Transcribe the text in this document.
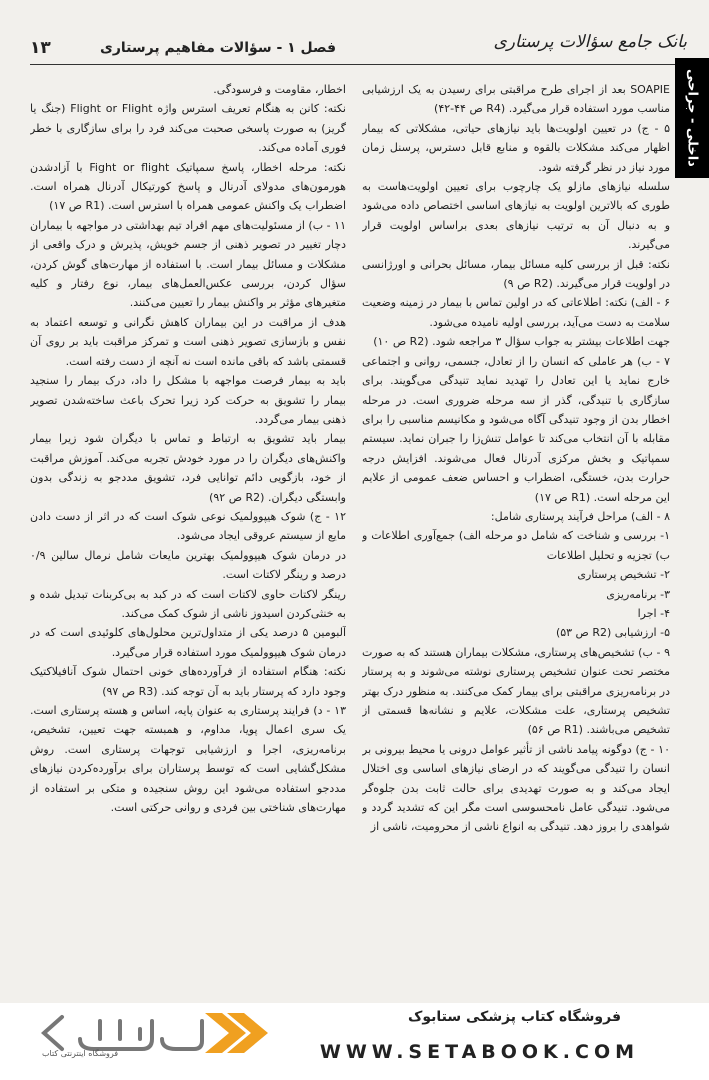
بانک جامع سؤالات پرستاری
فصل ۱ - سؤالات مفاهیم پرستاری
۱۳
داخلی - جراحی

SOAPIE بعد از اجرای طرح مراقبتی برای رسیدن به یک ارزشیابی مناسب مورد استفاده قرار می‌گیرد. (R4 ص ۴۴-۴۲)

۵ - ج) در تعیین اولویت‌ها باید نیازهای حیاتی، مشکلاتی که بیمار اظهار می‌کند مشکلات بالقوه و منابع قابل دسترس، پرسنل زمان مورد نیاز در نظر گرفته شود.

سلسله نیازهای مازلو یک چارچوب برای تعیین اولویت‌هاست به طوری که بالاترین اولویت به نیازهای اساسی اختصاص داده می‌شود و به دنبال آن به ترتیب نیازهای بعدی براساس اولویت قرار می‌گیرند.

نکته: قبل از بررسی کلیه مسائل بیمار، مسائل بحرانی و اورژانسی در اولویت قرار می‌گیرند. (R2 ص ۹)

۶ - الف) نکته: اطلاعاتی که در اولین تماس با بیمار در زمینه وضعیت سلامت به دست می‌آید، بررسی اولیه نامیده می‌شود.

جهت اطلاعات بیشتر به جواب سؤال ۳ مراجعه شود. (R2 ص ۱۰)

۷ - ب) هر عاملی که انسان را از تعادل، جسمی، روانی و اجتماعی خارج نماید یا این تعادل را تهدید نماید تنیدگی می‌گویند. برای سازگاری با تنیدگی، گذر از سه مرحله ضروری است. در مرحله اخطار بدن از وجود تنیدگی آگاه می‌شود و مکانیسم مناسبی را برای مقابله با آن انتخاب می‌کند تا عوامل تنش‌زا را جبران نماید. سیستم سمپاتیک و بخش مرکزی آدرنال فعال می‌شوند. افزایش درجه حرارت بدن، خستگی، اضطراب و احساس ضعف عمومی از علایم این مرحله است. (R1 ص ۱۷)

۸ - الف) مراحل فرآیند پرستاری شامل:

۱- بررسی و شناخت که شامل دو مرحله الف) جمع‌آوری اطلاعات و ب) تجزیه و تحلیل اطلاعات

۲- تشخیص پرستاری

۳- برنامه‌ریزی

۴- اجرا

۵- ارزشیابی (R2 ص ۵۳)

۹ - ب) تشخیص‌های پرستاری، مشکلات بیماران هستند که به صورت مختصر تحت عنوان تشخیص پرستاری نوشته می‌شوند و به پرستار در برنامه‌ریزی مراقبتی برای بیمار کمک می‌کنند. به منظور درک بهتر تشخیص پرستاری، علت مشکلات، علایم و نشانه‌ها قسمتی از تشخیص می‌باشند. (R1 ص ۵۶)

۱۰ - ج) دوگونه پیامد ناشی از تأثیر عوامل درونی یا محیط بیرونی بر انسان را تنیدگی می‌گویند که در ارضای نیازهای اساسی وی اختلال ایجاد می‌کند و به صورت تهدیدی برای حالت ثابت بدن جلوه‌گر می‌شود. تنیدگی عامل نامحسوسی است مگر این که تشدید گردد و شواهدی را بروز دهد. تنیدگی به انواع ناشی از محرومیت، ناشی از

اخطار، مقاومت و فرسودگی.

نکته: کانن به هنگام تعریف استرس واژه Flight or Flight (جنگ یا گریز) به صورت پاسخی صحبت می‌کند فرد را برای سازگاری با خطر فوری آماده می‌کند.

نکته: مرحله اخطار، پاسخ سمپاتیک Fight or flight با آزادشدن هورمون‌های مدولای آدرنال و پاسخ کورتیکال آدرنال همراه است. اضطراب یک واکنش عمومی همراه با استرس است. (R1 ص ۱۷)

۱۱ - ب) از مسئولیت‌های مهم افراد تیم بهداشتی در مواجهه با بیماران دچار تغییر در تصویر ذهنی از جسم خویش، پذیرش و درک واقعی از مشکلات و مسائل بیمار است. با استفاده از مهارت‌های گوش کردن، سؤال کردن، بررسی عکس‌العمل‌های بیمار، نوع رفتار و کلیه متغیرهای مؤثر بر واکنش بیمار را تعیین می‌کنند.

هدف از مراقبت در این بیماران کاهش نگرانی و توسعه اعتماد به نفس و بازسازی تصویر ذهنی است و تمرکز مراقبت باید بر روی آن قسمتی باشد که باقی مانده است نه آنچه از دست رفته است.

باید به بیمار فرصت مواجهه با مشکل را داد، درک بیمار را سنجید بیمار را تشویق به حرکت کرد زیرا تحرک باعث ساخته‌شدن تصویر ذهنی بیمار می‌گردد.

بیمار باید تشویق به ارتباط و تماس با دیگران شود زیرا بیمار واکنش‌های دیگران را در مورد خودش تجربه می‌کند. آموزش مراقبت از خود، بازگویی دائم توانایی فرد، تشویق مددجو به زندگی بدون وابستگی دیگران. (R2 ص ۹۲)

۱۲ - ج) شوک هیپوولمیک نوعی شوک است که در اثر از دست دادن مایع از سیستم عروقی ایجاد می‌شود.

در درمان شوک هیپوولمیک بهترین مایعات شامل نرمال سالین ۰/۹ درصد و رینگر لاکتات است.

رینگر لاکتات حاوی لاکتات است که در کبد به بی‌کربنات تبدیل شده و به خنثی‌کردن اسیدوز ناشی از شوک کمک می‌کند.

آلبومین ۵ درصد یکی از متداول‌ترین محلول‌های کلوئیدی است که در درمان شوک هیپوولمیک مورد استفاده قرار می‌گیرد.

نکته: هنگام استفاده از فرآورده‌های خونی احتمال شوک آنافیلاکتیک وجود دارد که پرستار باید به آن توجه کند. (R3 ص ۹۷)

۱۳ - د) فرایند پرستاری به عنوان پایه، اساس و هسته پرستاری است. یک سری اعمال پویا، مداوم، و همبسته جهت تعیین، تشخیص، برنامه‌ریزی، اجرا و ارزشیابی توجهات پرستاری است. روش مشکل‌گشایی است که توسط پرستاران برای برآورده‌کردن نیازهای مددجو استفاده می‌شود این روش سنجیده و متکی بر استفاده از مهارت‌های شناختی بین فردی و روانی حرکتی است.

فروشگاه اینترنتی کتاب
فروشگاه کتاب پزشکی ستابوک
WWW.SETABOOK.COM
